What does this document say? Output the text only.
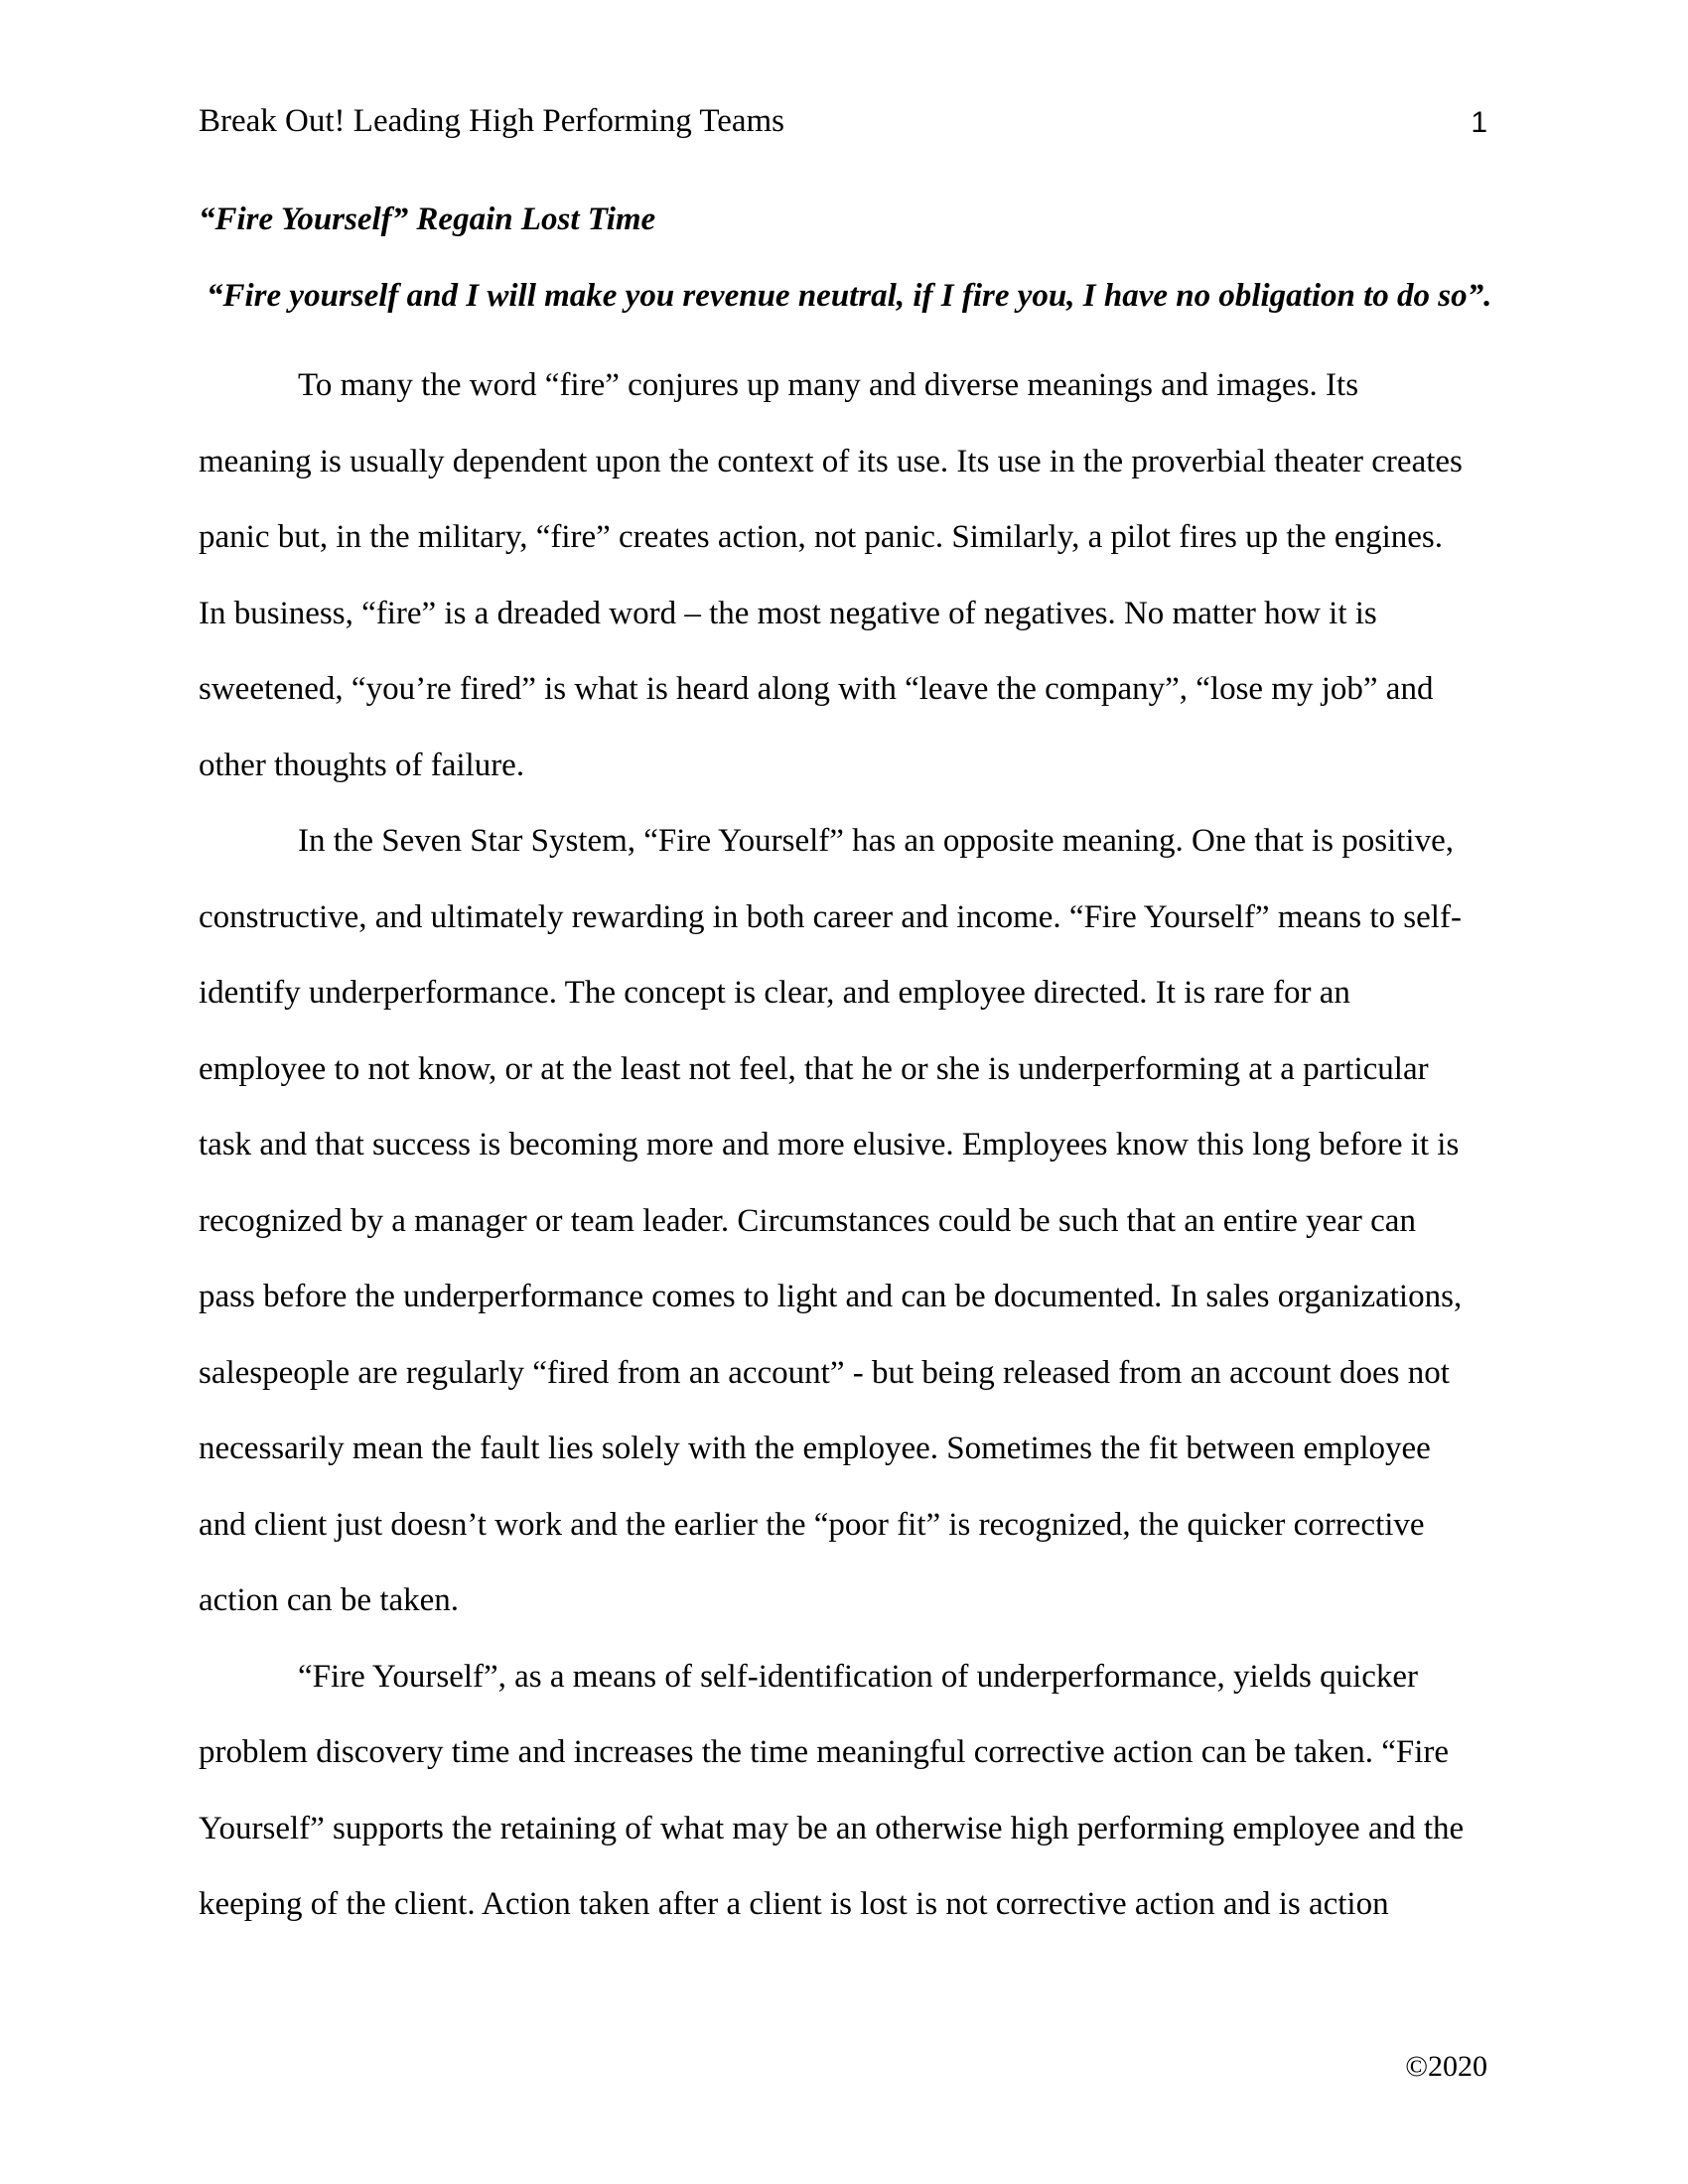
Break Out! Leading High Performing Teams	1
“Fire Yourself” Regain Lost Time
“Fire yourself and I will make you revenue neutral, if I fire you, I have no obligation to do so”.

To many the word “fire” conjures up many and diverse meanings and images. Its
meaning is usually dependent upon the context of its use. Its use in the proverbial theater creates
panic but, in the military, “fire” creates action, not panic. Similarly, a pilot fires up the engines.
In business, “fire” is a dreaded word – the most negative of negatives. No matter how it is
sweetened, “you’re fired” is what is heard along with “leave the company”, “lose my job” and
other thoughts of failure.

In the Seven Star System, “Fire Yourself” has an opposite meaning. One that is positive,
constructive, and ultimately rewarding in both career and income. “Fire Yourself” means to self-
identify underperformance. The concept is clear, and employee directed. It is rare for an
employee to not know, or at the least not feel, that he or she is underperforming at a particular
task and that success is becoming more and more elusive. Employees know this long before it is
recognized by a manager or team leader. Circumstances could be such that an entire year can
pass before the underperformance comes to light and can be documented. In sales organizations,
salespeople are regularly “fired from an account” - but being released from an account does not
necessarily mean the fault lies solely with the employee. Sometimes the fit between employee
and client just doesn’t work and the earlier the “poor fit” is recognized, the quicker corrective
action can be taken.

“Fire Yourself”, as a means of self-identification of underperformance, yields quicker
problem discovery time and increases the time meaningful corrective action can be taken. “Fire
Yourself” supports the retaining of what may be an otherwise high performing employee and the
keeping of the client. Action taken after a client is lost is not corrective action and is action

©2020
